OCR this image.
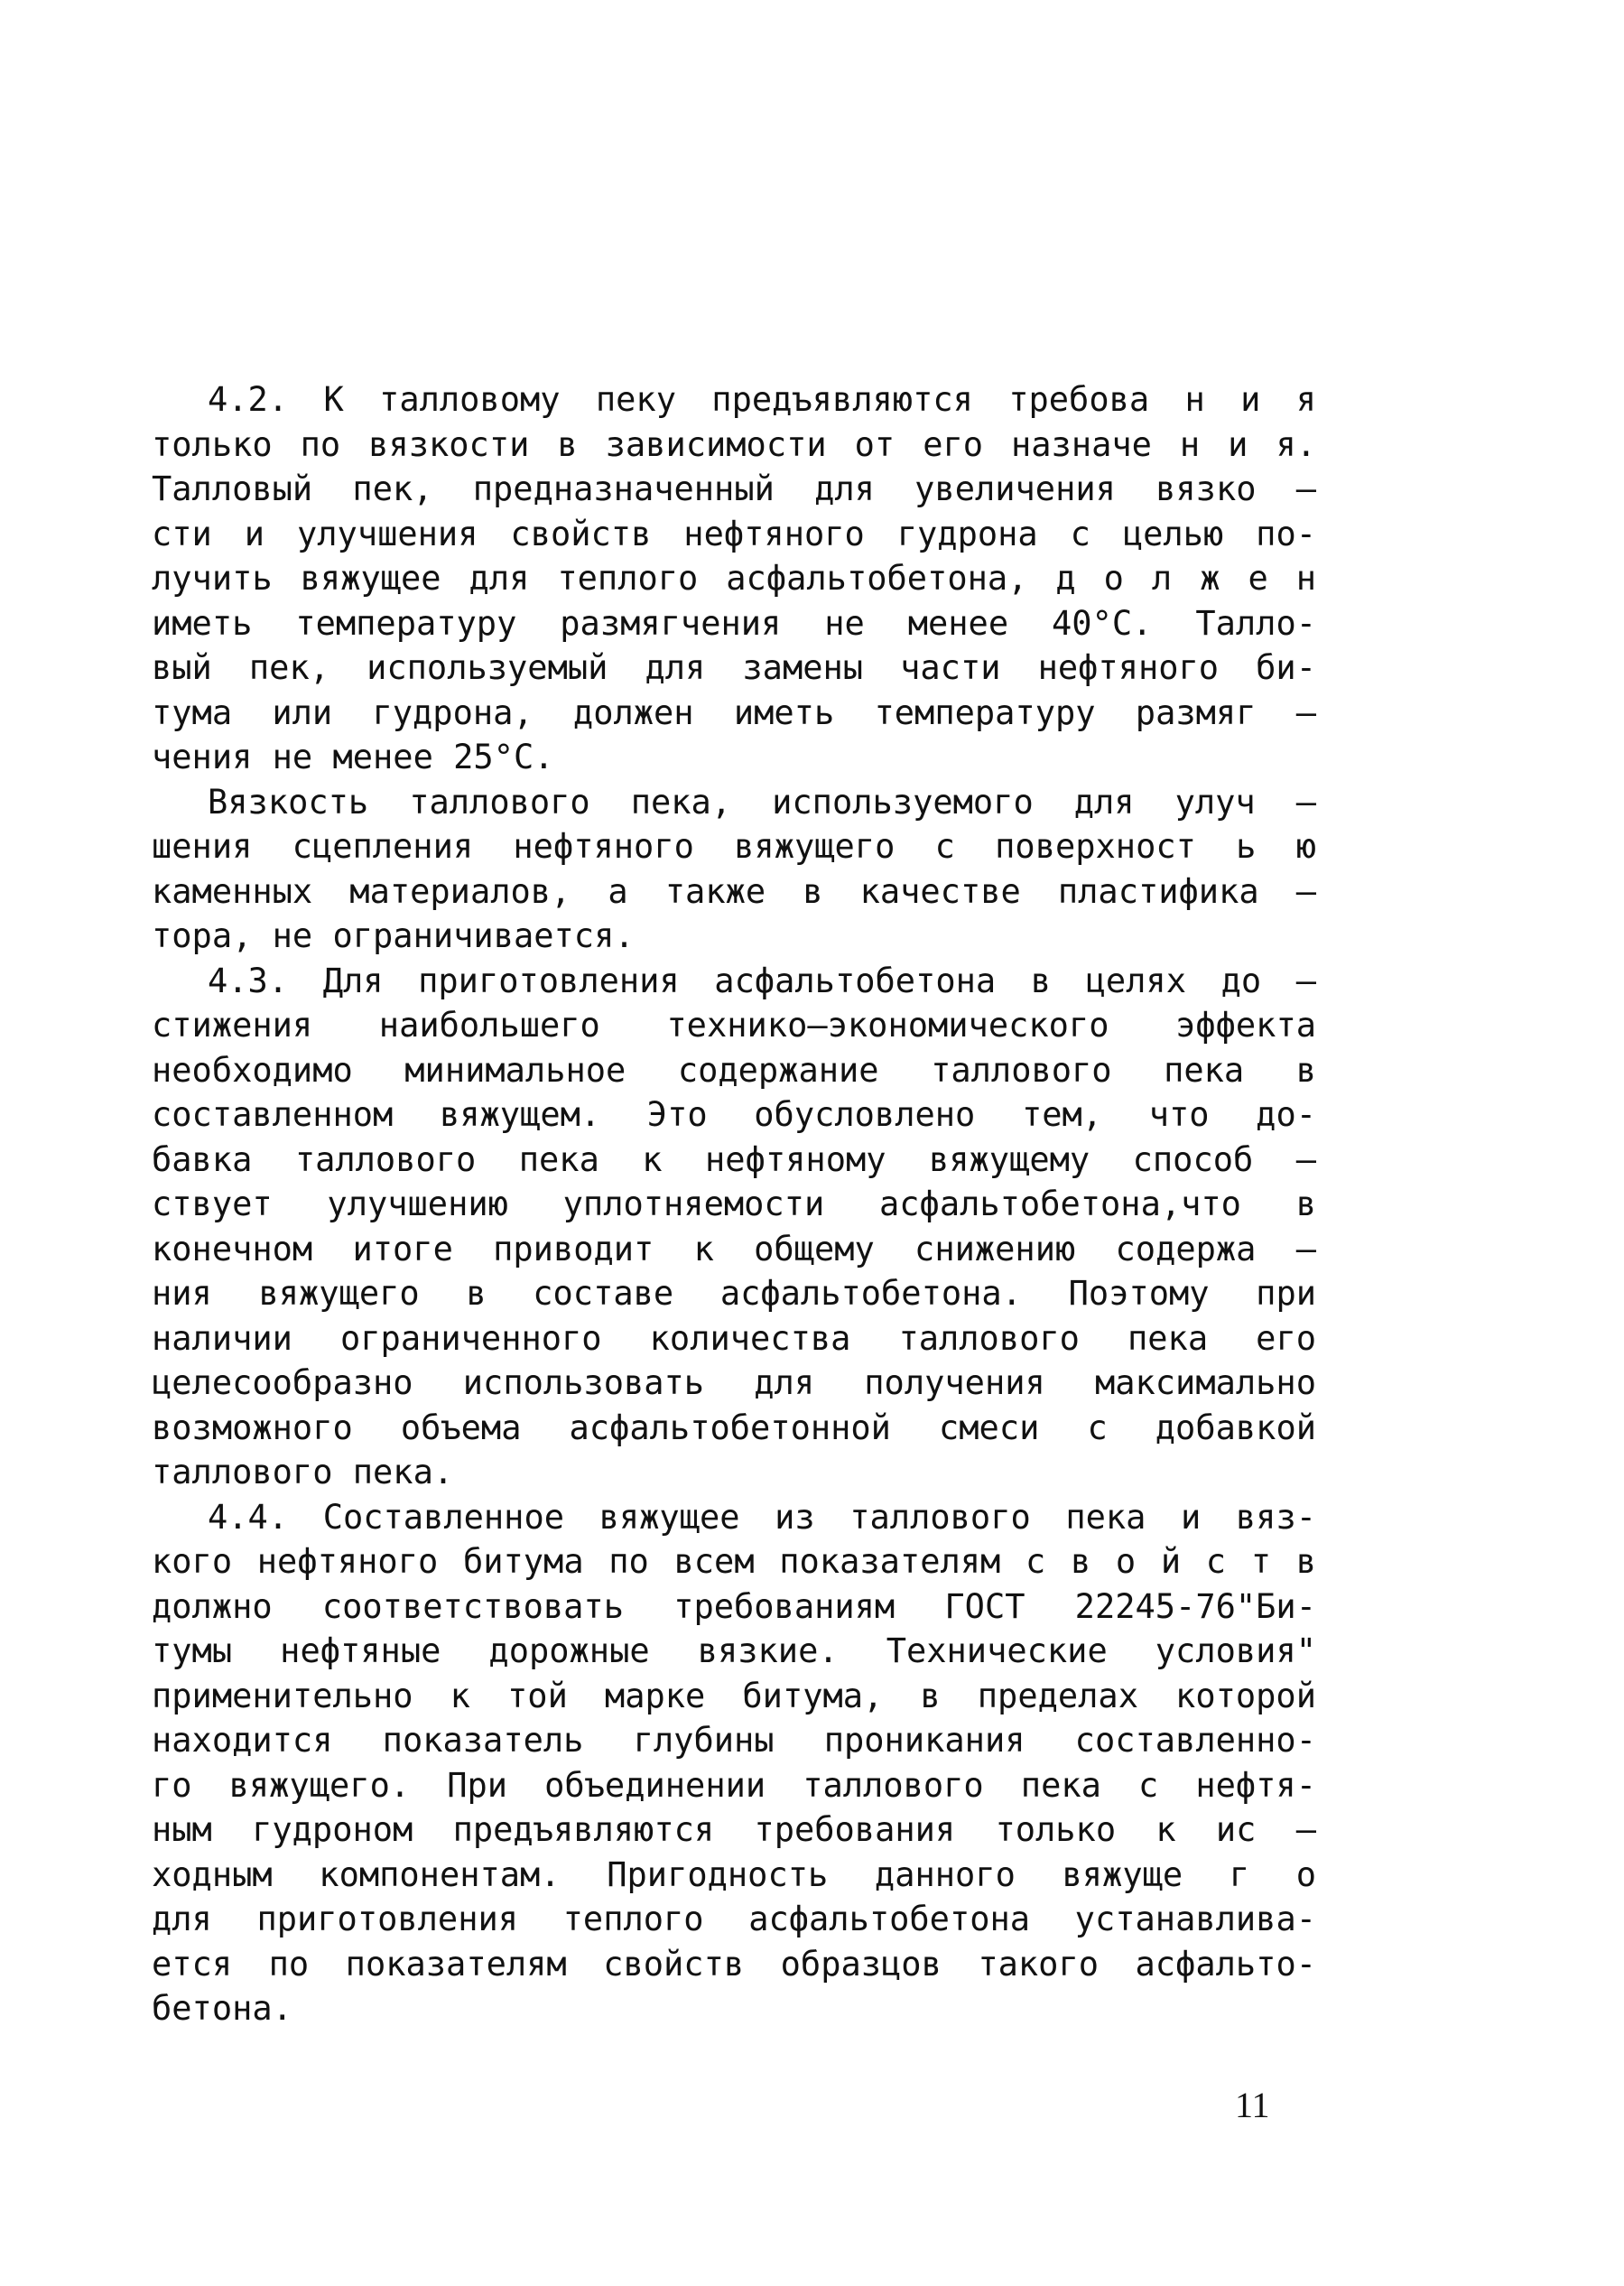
4.2. К талловому пеку предъявляются требова н и я
только по вязкости в зависимости от его назначе н и я.
Талловый пек, предназначенный для увеличения вязко –
сти и улучшения свойств нефтяного гудрона с целью по-
лучить вяжущее для теплого асфальтобетона, д о л ж е н
иметь температуру размягчения не менее 40°С. Таллo-
вый пек, используемый для замены части нефтяного би-
тума или гудрона, должен иметь температуру размяг –
чения не менее 25°С.
Вязкость таллового пека, используемого для улуч –
шения сцепления нефтяного вяжущего с поверхност ь ю
каменных материалов, а также в качестве пластифика –
тора, не ограничивается.
4.3. Для приготовления асфальтобетона в целях до –
стижения наибольшего технико–экономического эффекта
необходимо минимальное содержание таллового пека в
составленном вяжущем. Это обусловлено тем, что до-
бавка таллового пека к нефтяному вяжущему способ –
ствует улучшению уплотняемости асфальтобетона,что в
конечном итоге приводит к общему снижению содержа –
ния вяжущего в составе асфальтобетона. Поэтому при
наличии ограниченного количества таллового пека его
целесообразно использовать для получения максимально
возможного объема асфальтобетонной смеси с добавкой
таллового пека.
4.4. Составленное вяжущее из таллового пека и вяз-
кого нефтяного битума по всем показателям с в о й с т в
должно соответствовать требованиям ГОСТ 22245-76"Би-
тумы нефтяные дорожные вязкие. Технические условия"
применительно к той марке битума, в пределах которой
находится показатель глубины проникания составленно-
го вяжущего. При объединении таллового пека с нефтя-
ным гудроном предъявляются требования только к ис –
ходным компонентам. Пригодность данного вяжуще г о
для приготовления теплого асфальтобетона устанавлива-
ется по показателям свойств образцов такого асфальто-
бетона.
11
